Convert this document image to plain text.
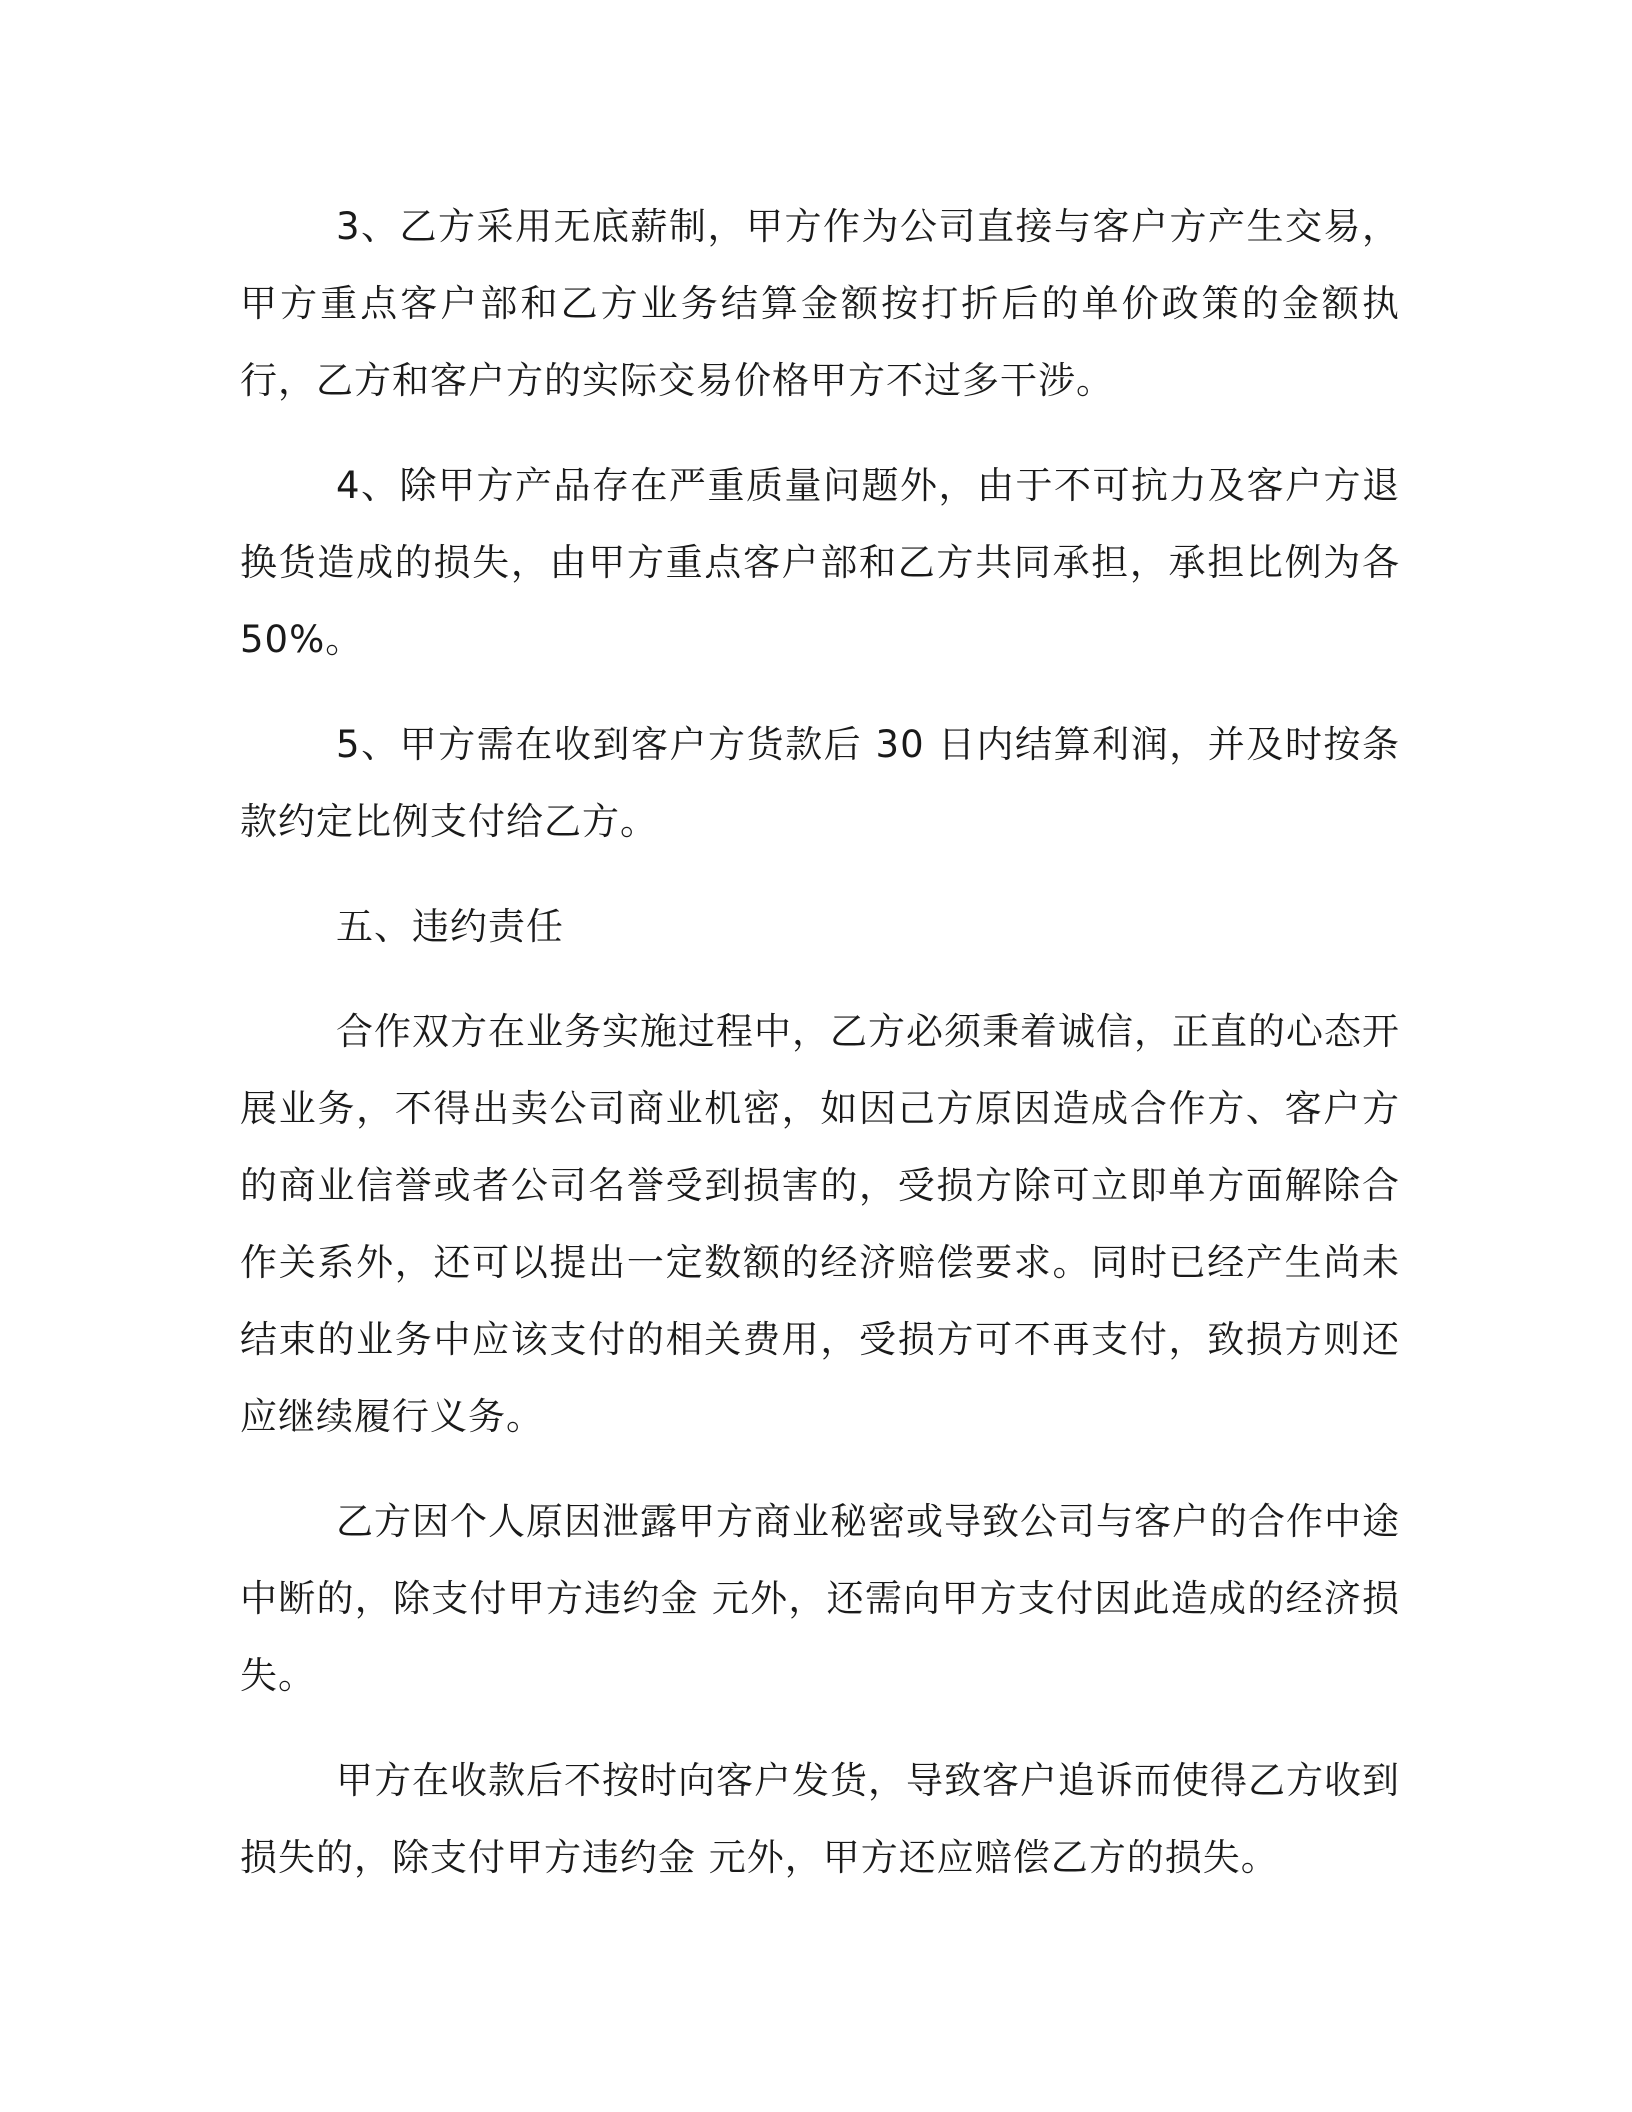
3、乙方采用无底薪制，甲方作为公司直接与客户方产生交易，甲方重点客户部和乙方业务结算金额按打折后的单价政策的金额执行，乙方和客户方的实际交易价格甲方不过多干涉。

4、除甲方产品存在严重质量问题外，由于不可抗力及客户方退换货造成的损失，由甲方重点客户部和乙方共同承担，承担比例为各50%。

5、甲方需在收到客户方货款后 30 日内结算利润，并及时按条款约定比例支付给乙方。

五、违约责任

合作双方在业务实施过程中，乙方必须秉着诚信，正直的心态开展业务，不得出卖公司商业机密，如因己方原因造成合作方、客户方的商业信誉或者公司名誉受到损害的，受损方除可立即单方面解除合作关系外，还可以提出一定数额的经济赔偿要求。同时已经产生尚未结束的业务中应该支付的相关费用，受损方可不再支付，致损方则还应继续履行义务。

乙方因个人原因泄露甲方商业秘密或导致公司与客户的合作中途中断的，除支付甲方违约金 元外，还需向甲方支付因此造成的经济损失。

甲方在收款后不按时向客户发货，导致客户追诉而使得乙方收到损失的，除支付甲方违约金 元外，甲方还应赔偿乙方的损失。
